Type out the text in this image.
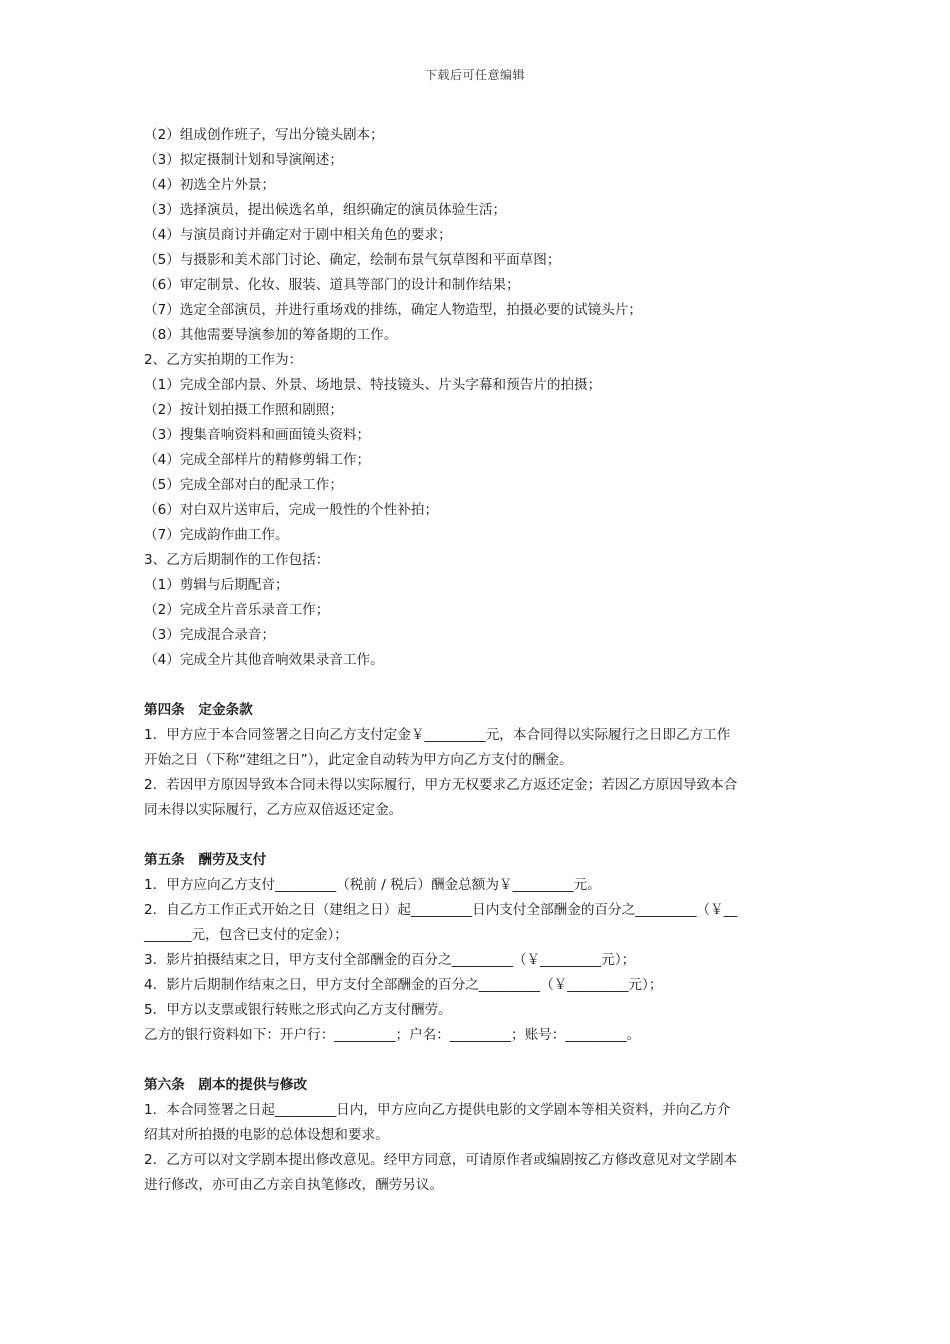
下载后可任意编辑
（2）组成创作班子，写出分镜头剧本；
（3）拟定摄制计划和导演阐述；
（4）初选全片外景；
（3）选择演员，提出候选名单，组织确定的演员体验生活；
（4）与演员商讨并确定对于剧中相关角色的要求；
（5）与摄影和美术部门讨论、确定，绘制布景气氛草图和平面草图；
（6）审定制景、化妆、服装、道具等部门的设计和制作结果；
（7）选定全部演员，并进行重场戏的排练，确定人物造型，拍摄必要的试镜头片；
（8）其他需要导演参加的筹备期的工作。
2、乙方实拍期的工作为：
（1）完成全部内景、外景、场地景、特技镜头、片头字幕和预告片的拍摄；
（2）按计划拍摄工作照和剧照；
（3）搜集音响资料和画面镜头资料；
（4）完成全部样片的精修剪辑工作；
（5）完成全部对白的配录工作；
（6）对白双片送审后，完成一般性的个性补拍；
（7）完成韵作曲工作。
3、乙方后期制作的工作包括：
（1）剪辑与后期配音；
（2）完成全片音乐录音工作；
（3）完成混合录音；
（4）完成全片其他音响效果录音工作。
第四条　定金条款
1．甲方应于本合同签署之日向乙方支付定金￥_________元，本合同得以实际履行之日即乙方工作
开始之日（下称“建组之日”），此定金自动转为甲方向乙方支付的酬金。
2．若因甲方原因导致本合同未得以实际履行，甲方无权要求乙方返还定金；若因乙方原因导致本合
同未得以实际履行，乙方应双倍返还定金。
第五条　酬劳及支付
1．甲方应向乙方支付_________（税前 / 税后）酬金总额为￥_________元。
2．自乙方工作正式开始之日（建组之日）起_________日内支付全部酬金的百分之_________（￥__
_______元，包含已支付的定金）；
3．影片拍摄结束之日，甲方支付全部酬金的百分之_________（￥_________元）；
4．影片后期制作结束之日，甲方支付全部酬金的百分之_________（￥_________元）；
5．甲方以支票或银行转账之形式向乙方支付酬劳。
乙方的银行资料如下：开户行：_________；户名：_________；账号：_________。
第六条　剧本的提供与修改
1．本合同签署之日起_________日内，甲方应向乙方提供电影的文学剧本等相关资料，并向乙方介
绍其对所拍摄的电影的总体设想和要求。
2．乙方可以对文学剧本提出修改意见。经甲方同意，可请原作者或编剧按乙方修改意见对文学剧本
进行修改，亦可由乙方亲自执笔修改，酬劳另议。
